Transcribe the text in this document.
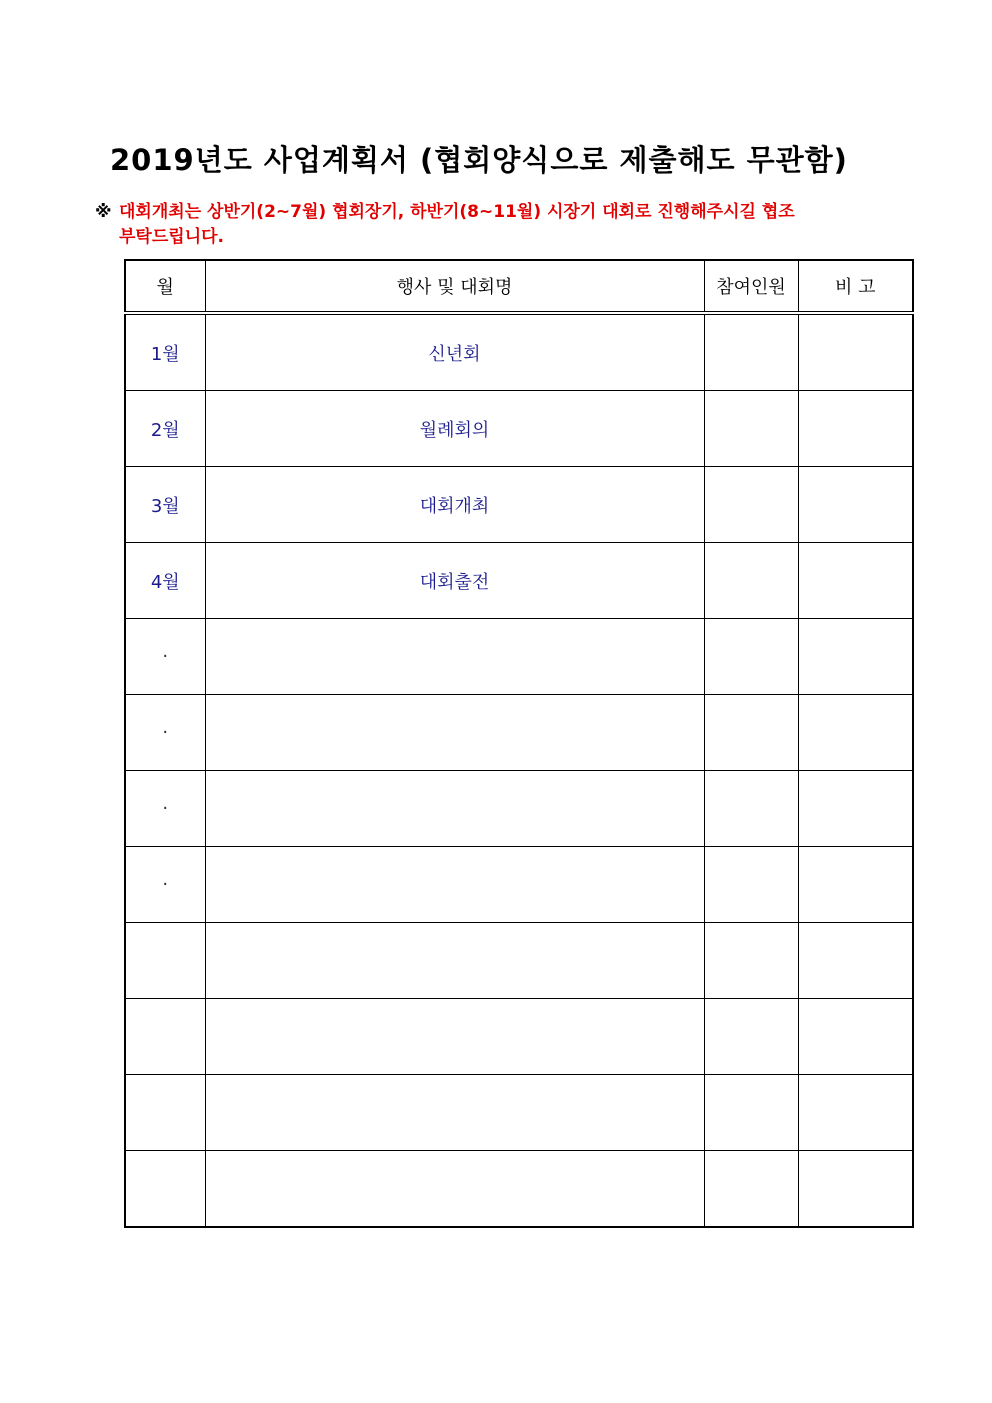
2019년도 사업계획서 (협회양식으로 제출해도 무관함)
※ 대회개최는 상반기(2~7월) 협회장기, 하반기(8~11월) 시장기 대회로 진행해주시길 협조
부탁드립니다.
월	행사 및 대회명	참여인원	비 고
1월	신년회		
2월	월례회의		
3월	대회개최		
4월	대회출전		
·			
·			
·			
·			
